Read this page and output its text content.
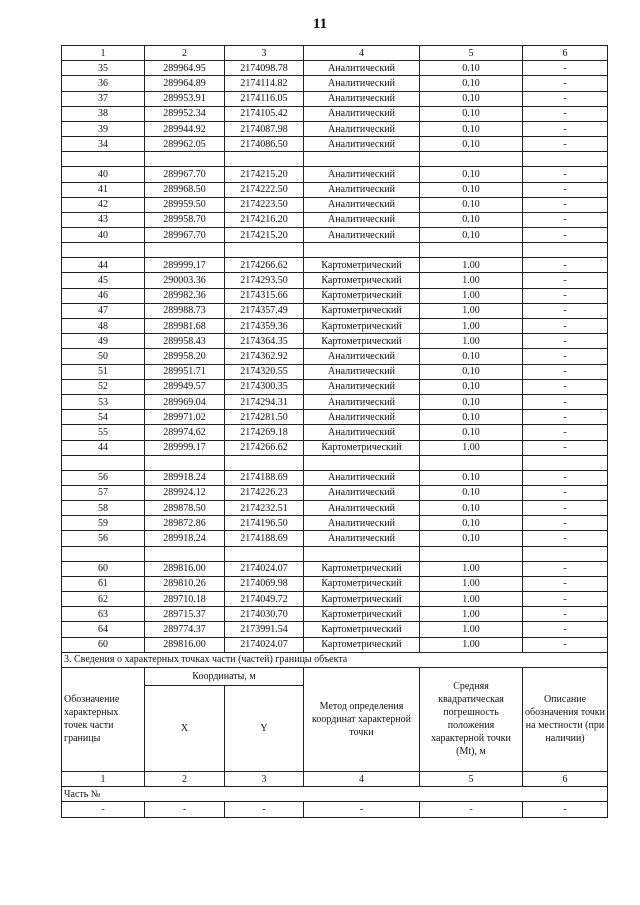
11
1	2	3	4	5	6
35	289964.95	2174098.78	Аналитический	0.10	-
36	289964.89	2174114.82	Аналитический	0.10	-
37	289953.91	2174116.05	Аналитический	0.10	-
38	289952.34	2174105.42	Аналитический	0.10	-
39	289944.92	2174087.98	Аналитический	0.10	-
34	289962.05	2174086.50	Аналитический	0.10	-

40	289967.70	2174215.20	Аналитический	0.10	-
41	289968.50	2174222.50	Аналитический	0.10	-
42	289959.50	2174223.50	Аналитический	0.10	-
43	289958.70	2174216.20	Аналитический	0.10	-
40	289967.70	2174215.20	Аналитический	0.10	-

44	289999.17	2174266.62	Картометрический	1.00	-
45	290003.36	2174293.50	Картометрический	1.00	-
46	289982.36	2174315.66	Картометрический	1.00	-
47	289988.73	2174357.49	Картометрический	1.00	-
48	289981.68	2174359.36	Картометрический	1.00	-
49	289958.43	2174364.35	Картометрический	1.00	-
50	289958.20	2174362.92	Аналитический	0.10	-
51	289951.71	2174320.55	Аналитический	0.10	-
52	289949.57	2174300.35	Аналитический	0.10	-
53	289969.04	2174294.31	Аналитический	0.10	-
54	289971.02	2174281.50	Аналитический	0.10	-
55	289974.62	2174269.18	Аналитический	0.10	-
44	289999.17	2174266.62	Картометрический	1.00	-

56	289918.24	2174188.69	Аналитический	0.10	-
57	289924.12	2174226.23	Аналитический	0.10	-
58	289878.50	2174232.51	Аналитический	0.10	-
59	289872.86	2174196.50	Аналитический	0.10	-
56	289918.24	2174188.69	Аналитический	0.10	-

60	289816.00	2174024.07	Картометрический	1.00	-
61	289810.26	2174069.98	Картометрический	1.00	-
62	289710.18	2174049.72	Картометрический	1.00	-
63	289715.37	2174030.70	Картометрический	1.00	-
64	289774.37	2173991.54	Картометрический	1.00	-
60	289816.00	2174024.07	Картометрический	1.00	-
3. Сведения о характерных точках части (частей) границы объекта					
Обозначение характерных точек части границы	Координаты, м		Метод определения координат характерной точки	Средняя квадратическая погрешность положения характерной точки (Mt), м	Описание обозначения точки на местности (при наличии)
	X	Y			
1	2	3	4	5	6
Часть №					
-	-	-	-	-	-
